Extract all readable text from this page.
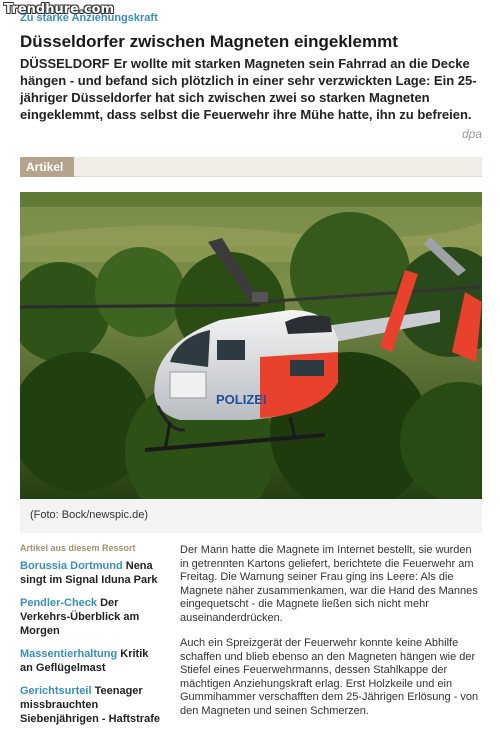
Trendhure.com
Zu starke Anziehungskraft
Düsseldorfer zwischen Magneten eingeklemmt
DÜSSELDORF Er wollte mit starken Magneten sein Fahrrad an die Decke hängen - und befand sich plötzlich in einer sehr verzwickten Lage: Ein 25-jähriger Düsseldorfer hat sich zwischen zwei so starken Magneten eingeklemmt, dass selbst die Feuerwehr ihre Mühe hatte, ihn zu befreien.
dpa
Artikel
POLIZEI
(Foto: Bock/newspic.de)
Artikel aus diesem Ressort
Borussia Dortmund Nena singt im Signal Iduna Park
Pendler-Check Der Verkehrs-Überblick am Morgen
Massentierhaltung Kritik an Geflügelmast
Gerichtsurteil Teenager missbrauchten Siebenjährigen - Haftstrafe

Der Mann hatte die Magnete im Internet bestellt, sie wurden in getrennten Kartons geliefert, berichtete die Feuerwehr am Freitag. Die Warnung seiner Frau ging ins Leere: Als die Magnete näher zusammenkamen, war die Hand des Mannes eingequetscht - die Magnete ließen sich nicht mehr auseinanderdrücken.

Auch ein Spreizgerät der Feuerwehr konnte keine Abhilfe schaffen und blieb ebenso an den Magneten hängen wie der Stiefel eines Feuerwehrmanns, dessen Stahlkappe der mächtigen Anziehungskraft erlag. Erst Holzkeile und ein Gummihammer verschafften dem 25-Jährigen Erlösung - von den Magneten und seinen Schmerzen.
